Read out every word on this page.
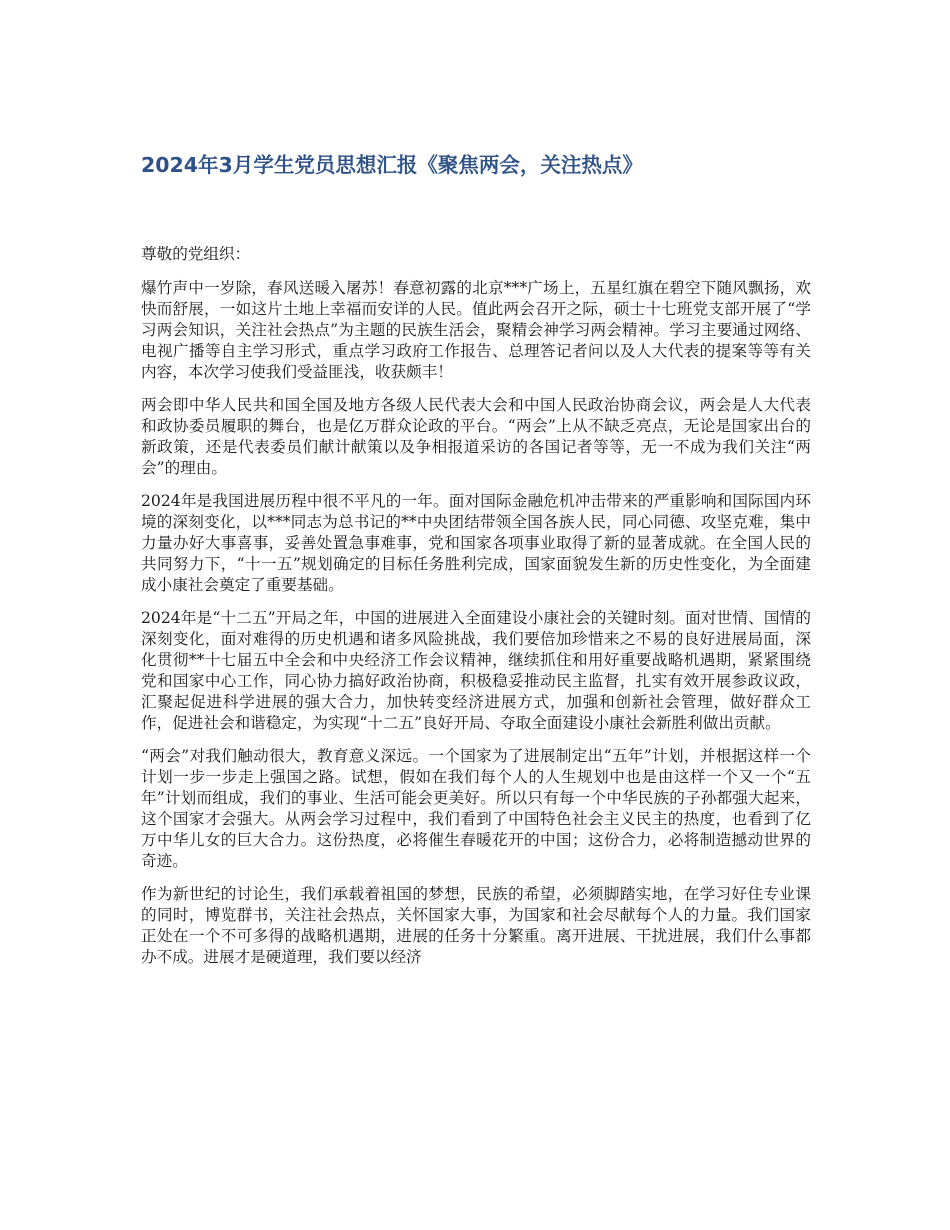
2024年3月学生党员思想汇报《聚焦两会，关注热点》

尊敬的党组织：

爆竹声中一岁除，春风送暖入屠苏！春意初露的北京***广场上，五星红旗在碧空下随风飘扬，欢快而舒展，一如这片土地上幸福而安详的人民。值此两会召开之际，硕士十七班党支部开展了“学习两会知识，关注社会热点”为主题的民族生活会，聚精会神学习两会精神。学习主要通过网络、电视广播等自主学习形式，重点学习政府工作报告、总理答记者问以及人大代表的提案等等有关内容，本次学习使我们受益匪浅，收获颇丰！

两会即中华人民共和国全国及地方各级人民代表大会和中国人民政治协商会议，两会是人大代表和政协委员履职的舞台，也是亿万群众论政的平台。“两会”上从不缺乏亮点，无论是国家出台的新政策，还是代表委员们献计献策以及争相报道采访的各国记者等等，无一不成为我们关注“两会”的理由。

2024年是我国进展历程中很不平凡的一年。面对国际金融危机冲击带来的严重影响和国际国内环境的深刻变化，以***同志为总书记的**中央团结带领全国各族人民，同心同德、攻坚克难，集中力量办好大事喜事，妥善处置急事难事，党和国家各项事业取得了新的显著成就。在全国人民的共同努力下，“十一五”规划确定的目标任务胜利完成，国家面貌发生新的历史性变化，为全面建成小康社会奠定了重要基础。

2024年是“十二五”开局之年，中国的进展进入全面建设小康社会的关键时刻。面对世情、国情的深刻变化，面对难得的历史机遇和诸多风险挑战，我们要倍加珍惜来之不易的良好进展局面，深化贯彻**十七届五中全会和中央经济工作会议精神，继续抓住和用好重要战略机遇期，紧紧围绕党和国家中心工作，同心协力搞好政治协商，积极稳妥推动民主监督，扎实有效开展参政议政，汇聚起促进科学进展的强大合力，加快转变经济进展方式，加强和创新社会管理，做好群众工作，促进社会和谐稳定，为实现“十二五”良好开局、夺取全面建设小康社会新胜利做出贡献。

“两会”对我们触动很大，教育意义深远。一个国家为了进展制定出“五年”计划，并根据这样一个计划一步一步走上强国之路。试想，假如在我们每个人的人生规划中也是由这样一个又一个“五年”计划而组成，我们的事业、生活可能会更美好。所以只有每一个中华民族的子孙都强大起来，这个国家才会强大。从两会学习过程中，我们看到了中国特色社会主义民主的热度，也看到了亿万中华儿女的巨大合力。这份热度，必将催生春暖花开的中国；这份合力，必将制造撼动世界的奇迹。

作为新世纪的讨论生，我们承载着祖国的梦想，民族的希望，必须脚踏实地，在学习好住专业课的同时，博览群书，关注社会热点，关怀国家大事，为国家和社会尽献每个人的力量。我们国家正处在一个不可多得的战略机遇期，进展的任务十分繁重。离开进展、干扰进展，我们什么事都办不成。进展才是硬道理，我们要以经济
